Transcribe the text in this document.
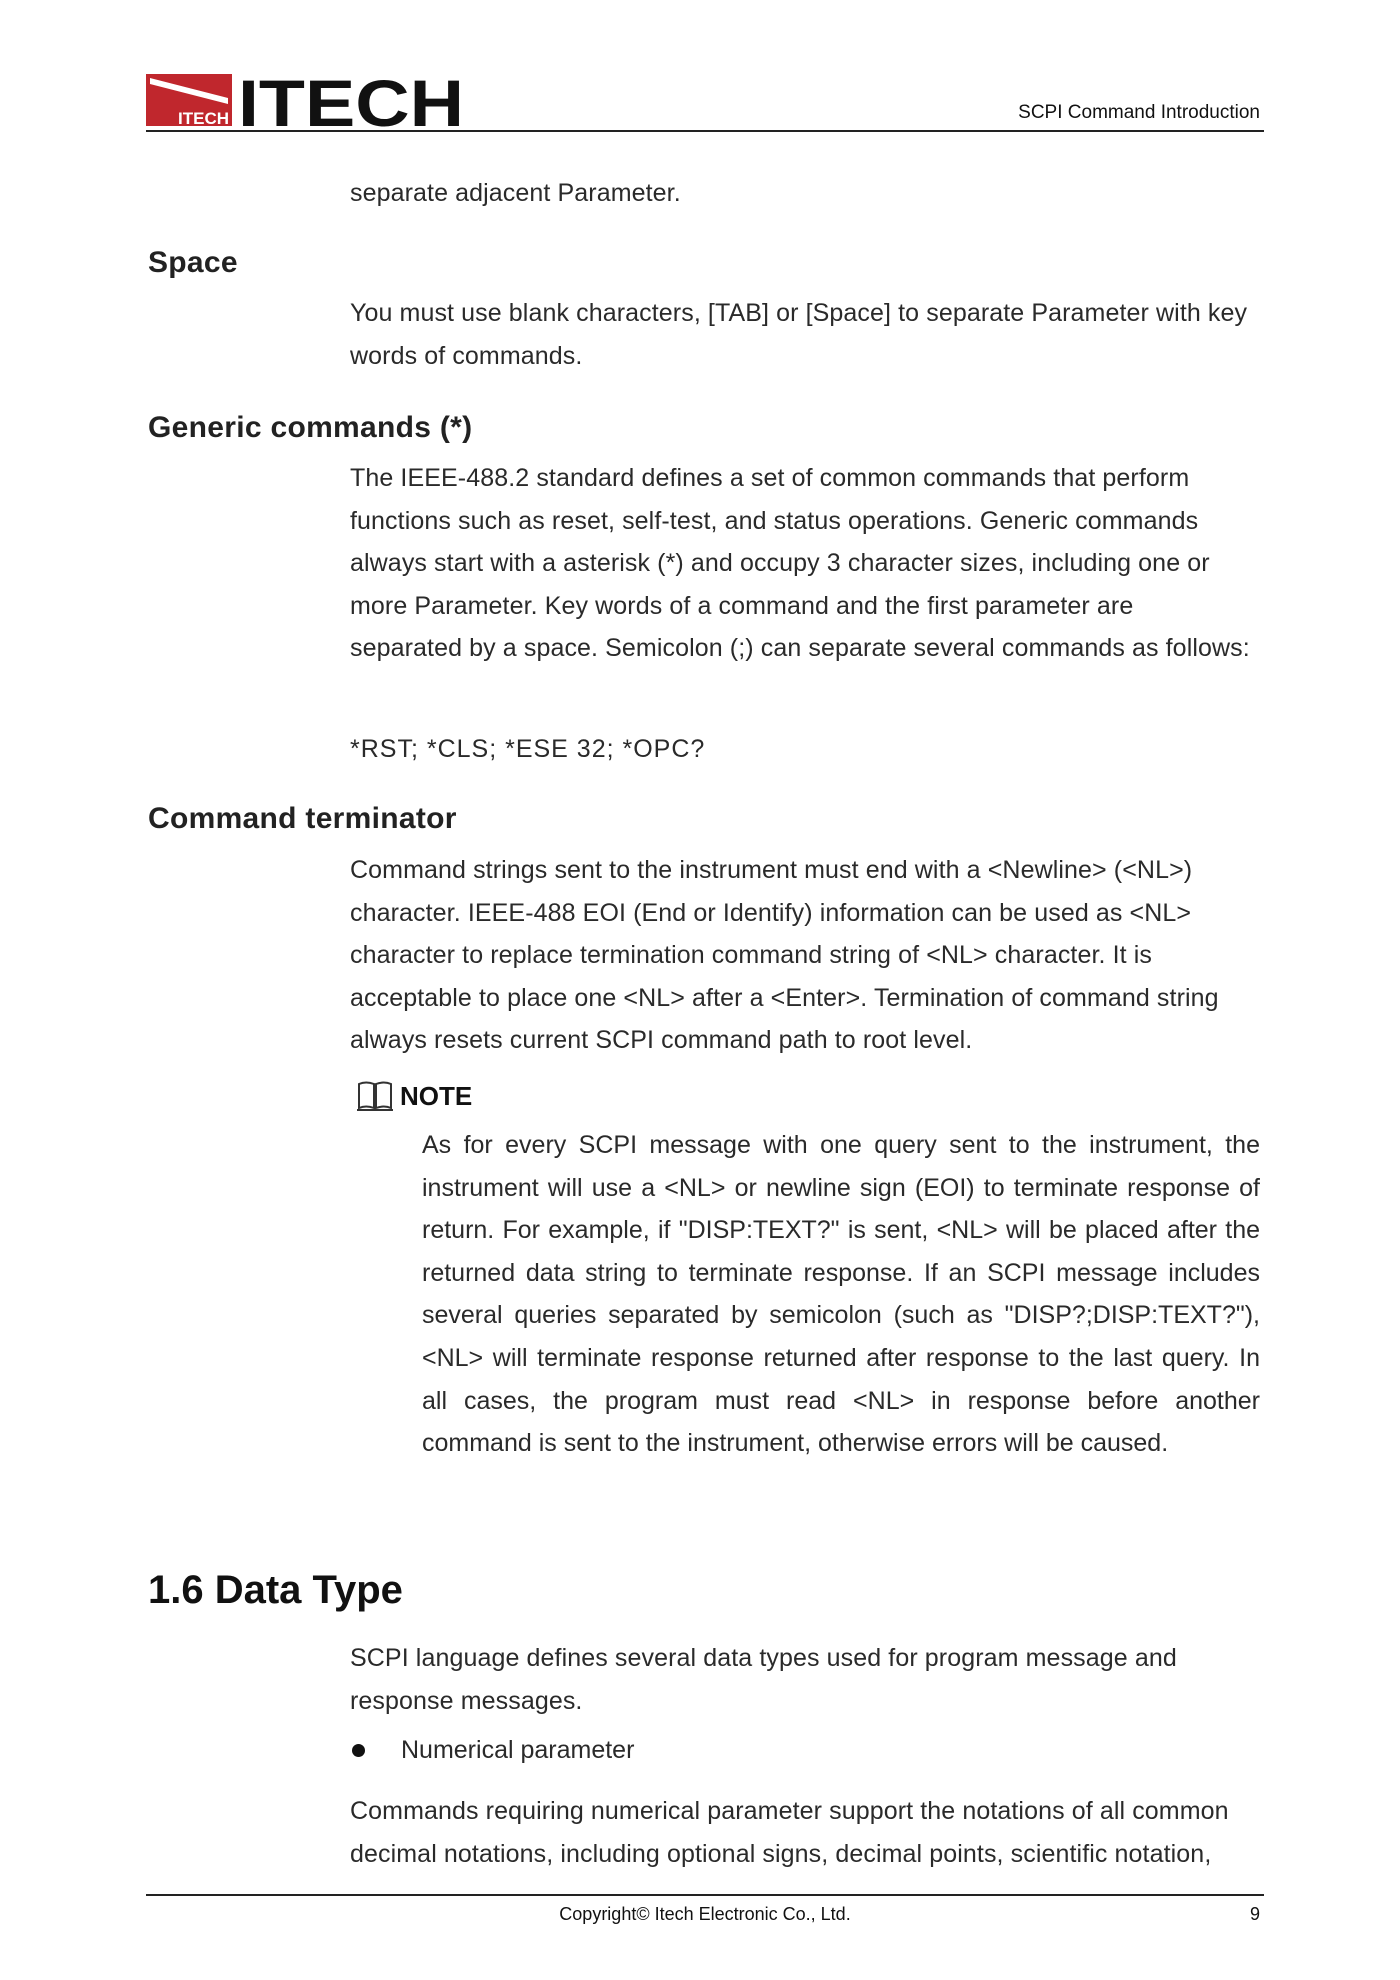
ITECH ITECH	SCPI Command Introduction

separate adjacent Parameter.

Space

You must use blank characters, [TAB] or [Space] to separate Parameter with key words of commands.

Generic commands (*)

The IEEE-488.2 standard defines a set of common commands that perform functions such as reset, self-test, and status operations. Generic commands always start with a asterisk (*) and occupy 3 character sizes, including one or more Parameter. Key words of a command and the first parameter are separated by a space. Semicolon (;) can separate several commands as follows:

*RST; *CLS; *ESE 32; *OPC?

Command terminator

Command strings sent to the instrument must end with a <Newline> (<NL>) character. IEEE-488 EOI (End or Identify) information can be used as <NL> character to replace termination command string of <NL> character. It is acceptable to place one <NL> after a <Enter>. Termination of command string always resets current SCPI command path to root level.

NOTE

As for every SCPI message with one query sent to the instrument, the instrument will use a <NL> or newline sign (EOI) to terminate response of return. For example, if "DISP:TEXT?" is sent, <NL> will be placed after the returned data string to terminate response. If an SCPI message includes several queries separated by semicolon (such as "DISP?;DISP:TEXT?"), <NL> will terminate response returned after response to the last query. In all cases, the program must read <NL> in response before another command is sent to the instrument, otherwise errors will be caused.

1.6 Data Type

SCPI language defines several data types used for program message and response messages.

Numerical parameter

Commands requiring numerical parameter support the notations of all common decimal notations, including optional signs, decimal points, scientific notation,

Copyright© Itech Electronic Co., Ltd.	9
